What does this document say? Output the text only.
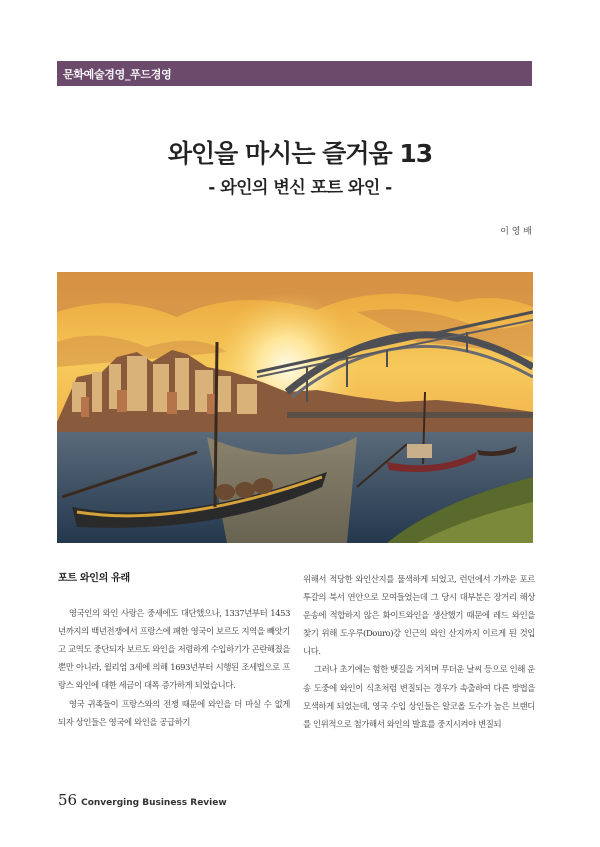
문화예술경영_푸드경영
와인을 마시는 즐거움 13
- 와인의 변신 포트 와인 -
이 영 배
포트 와인의 유래

영국인의 와인 사랑은 중세에도 대단했으나, 1337년부터 1453년까지의 백년전쟁에서 프랑스에 패한 영국이 보르도 지역을 빼앗기고 교역도 중단되자 보르도 와인을 저렴하게 수입하기가 곤란해졌을 뿐만 아니라, 윌리엄 3세에 의해 1693년부터 시행된 조세법으로 프랑스 와인에 대한 세금이 대폭 증가하게 되었습니다.

영국 귀족들이 프랑스와의 전쟁 때문에 와인을 더 마실 수 없게 되자 상인들은 영국에 와인을 공급하기

위해서 적당한 와인산지를 물색하게 되었고, 런던에서 가까운 포르투갈의 북서 연안으로 모여들었는데 그 당시 대부분은 장거리 해상운송에 적합하지 않은 화이트와인을 생산했기 때문에 레드 와인을 찾기 위해 도우루(Douro)강 인근의 와인 산지까지 이르게 된 것입니다.

그러나 초기에는 험한 뱃길을 거치며 무더운 날씨 등으로 인해 운송 도중에 와인이 식초처럼 변질되는 경우가 속출하여 다른 방법을 모색하게 되었는데, 영국 수입 상인들은 알코올 도수가 높은 브랜디를 인위적으로 첨가해서 와인의 발효를 중지시켜야 변질되

56 Converging Business Review
